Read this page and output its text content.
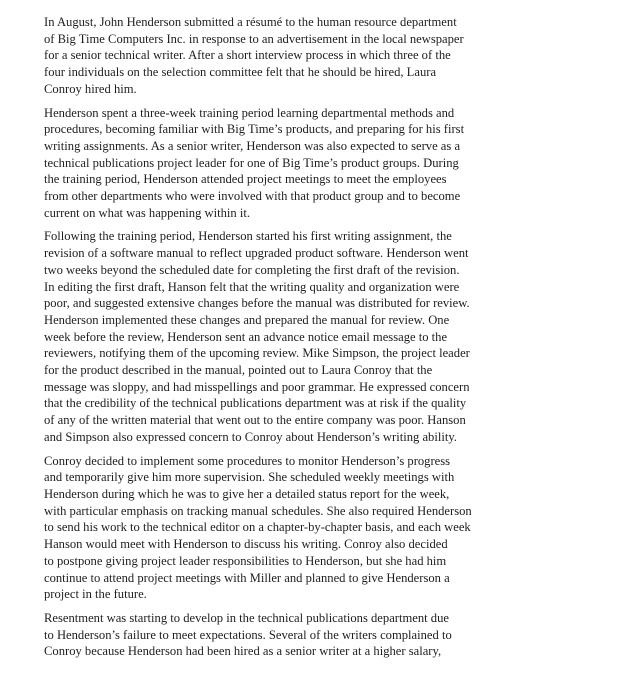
In August, John Henderson submitted a résumé to the human resource department
of Big Time Computers Inc. in response to an advertisement in the local newspaper
for a senior technical writer. After a short interview process in which three of the
four individuals on the selection committee felt that he should be hired, Laura
Conroy hired him.

Henderson spent a three-week training period learning departmental methods and
procedures, becoming familiar with Big Time’s products, and preparing for his first
writing assignments. As a senior writer, Henderson was also expected to serve as a
technical publications project leader for one of Big Time’s product groups. During
the training period, Henderson attended project meetings to meet the employees
from other departments who were involved with that product group and to become
current on what was happening within it.

Following the training period, Henderson started his first writing assignment, the
revision of a software manual to reflect upgraded product software. Henderson went
two weeks beyond the scheduled date for completing the first draft of the revision.
In editing the first draft, Hanson felt that the writing quality and organization were
poor, and suggested extensive changes before the manual was distributed for review.
Henderson implemented these changes and prepared the manual for review. One
week before the review, Henderson sent an advance notice email message to the
reviewers, notifying them of the upcoming review. Mike Simpson, the project leader
for the product described in the manual, pointed out to Laura Conroy that the
message was sloppy, and had misspellings and poor grammar. He expressed concern
that the credibility of the technical publications department was at risk if the quality
of any of the written material that went out to the entire company was poor. Hanson
and Simpson also expressed concern to Conroy about Henderson’s writing ability.

Conroy decided to implement some procedures to monitor Henderson’s progress
and temporarily give him more supervision. She scheduled weekly meetings with
Henderson during which he was to give her a detailed status report for the week,
with particular emphasis on tracking manual schedules. She also required Henderson
to send his work to the technical editor on a chapter-by-chapter basis, and each week
Hanson would meet with Henderson to discuss his writing. Conroy also decided
to postpone giving project leader responsibilities to Henderson, but she had him
continue to attend project meetings with Miller and planned to give Henderson a
project in the future.

Resentment was starting to develop in the technical publications department due
to Henderson’s failure to meet expectations. Several of the writers complained to
Conroy because Henderson had been hired as a senior writer at a higher salary,
